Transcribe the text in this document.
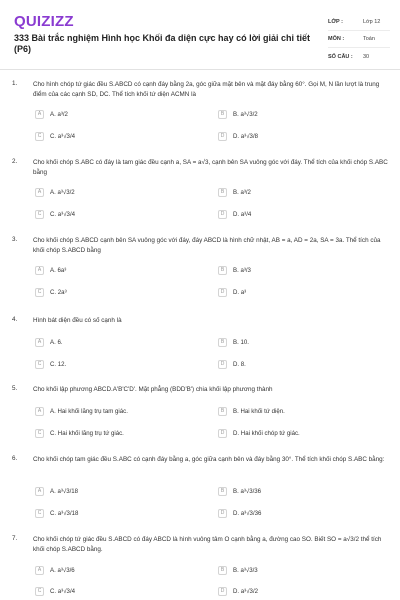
QUIZIZZ
333 Bài trắc nghiệm Hình học Khối đa diện cực hay có lời giải chi tiết (P6)
LỚP :	Lớp 12
MÔN :	Toán
SỐ CÂU :	30
1. Cho hình chóp tứ giác đều S.ABCD có cạnh đáy bằng 2a, góc giữa mặt bên và mặt đáy bằng 60°. Gọi M, N lần lượt là trung điểm của các cạnh SD, DC. Thể tích khối tứ diện ACMN là
A	A. a³/2	B	B. a³√3/2
C	C. a³√3/4	D	D. a³√3/8
2. Cho khối chóp S.ABC có đáy là tam giác đều cạnh a, SA = a√3, cạnh bên SA vuông góc với đáy. Thể tích của khối chóp S.ABC bằng
A	A. a³√3/2	B	B. a³/2
C	C. a³√3/4	D	D. a³/4
3. Cho khối chóp S.ABCD cạnh bên SA vuông góc với đáy, đáy ABCD là hình chữ nhật, AB = a, AD = 2a, SA = 3a. Thể tích của khối chóp S.ABCD bằng
A	A. 6a³	B	B. a³/3
C	C. 2a³	D	D. a³
4. Hình bát diện đều có số cạnh là
A	A. 6.	B	B. 10.
C	C. 12.	D	D. 8.
5. Cho khối lập phương ABCD.A'B'C'D'. Mặt phẳng (BDD'B') chia khối lập phương thành
A	A. Hai khối lăng trụ tam giác.	B	B. Hai khối tứ diện.
C	C. Hai khối lăng trụ tứ giác.	D	D. Hai khối chóp tứ giác.
6. Cho khối chóp tam giác đều S.ABC có cạnh đáy bằng a, góc giữa cạnh bên và đáy bằng 30°. Thể tích khối chóp S.ABC bằng:
A	A. a³√3/18	B	B. a³√3/36
C	C. a³√3/18	D	D. a³√3/36
7. Cho khối chóp tứ giác đều S.ABCD có đáy ABCD là hình vuông tâm O cạnh bằng a, đường cao SO. Biết SO = a√3/2 thể tích khối chóp S.ABCD bằng.
A	A. a³√3/6	B	B. a³√3/3
C	C. a³√3/4	D	D. a³√3/2
